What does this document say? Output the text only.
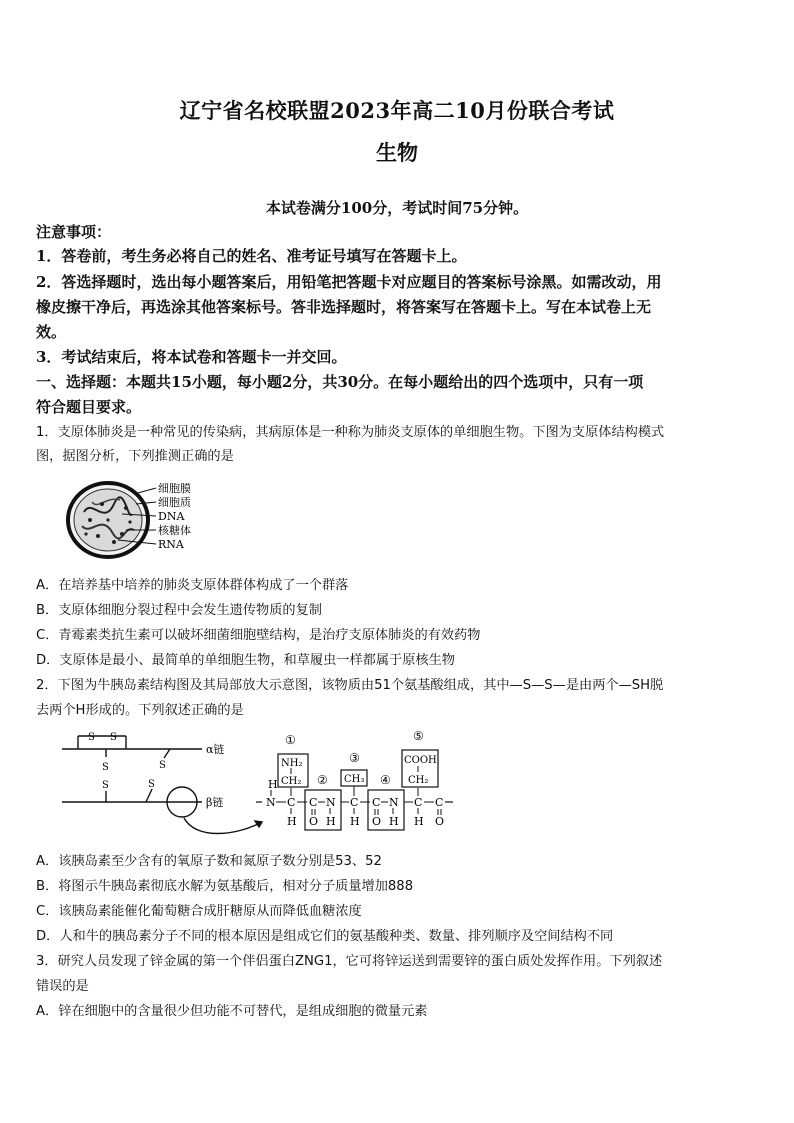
辽宁省名校联盟2023年高二10月份联合考试
生物
本试卷满分100分，考试时间75分钟。
注意事项：
1．答卷前，考生务必将自己的姓名、准考证号填写在答题卡上。
2．答选择题时，选出每小题答案后，用铅笔把答题卡对应题目的答案标号涂黑。如需改动，用
橡皮擦干净后，再选涂其他答案标号。答非选择题时，将答案写在答题卡上。写在本试卷上无
效。
3．考试结束后，将本试卷和答题卡一并交回。
一、选择题：本题共15小题，每小题2分，共30分。在每小题给出的四个选项中，只有一项
符合题目要求。
1．支原体肺炎是一种常见的传染病，其病原体是一种称为肺炎支原体的单细胞生物。下图为支原体结构模式
图，据图分析，下列推测正确的是
细胞膜
细胞质
DNA
核糖体
RNA
A．在培养基中培养的肺炎支原体群体构成了一个群落
B．支原体细胞分裂过程中会发生遗传物质的复制
C．青霉素类抗生素可以破坏细菌细胞壁结构，是治疗支原体肺炎的有效药物
D．支原体是最小、最简单的单细胞生物，和草履虫一样都属于原核生物
2．下图为牛胰岛素结构图及其局部放大示意图，该物质由51个氨基酸组成，其中—S—S—是由两个—SH脱
去两个H形成的。下列叙述正确的是
S S
S
S
S
S
α链
β链
H
N C
H
NH₂
CH₂
①
C N
O H
②
C
H
CH₃
③
C N
O H
④
C
H
COOH
CH₂
⑤
C
O
A．该胰岛素至少含有的氧原子数和氮原子数分别是53、52
B．将图示牛胰岛素彻底水解为氨基酸后，相对分子质量增加888
C．该胰岛素能催化葡萄糖合成肝糖原从而降低血糖浓度
D．人和牛的胰岛素分子不同的根本原因是组成它们的氨基酸种类、数量、排列顺序及空间结构不同
3．研究人员发现了锌金属的第一个伴侣蛋白ZNG1，它可将锌运送到需要锌的蛋白质处发挥作用。下列叙述
错误的是
A．锌在细胞中的含量很少但功能不可替代，是组成细胞的微量元素
